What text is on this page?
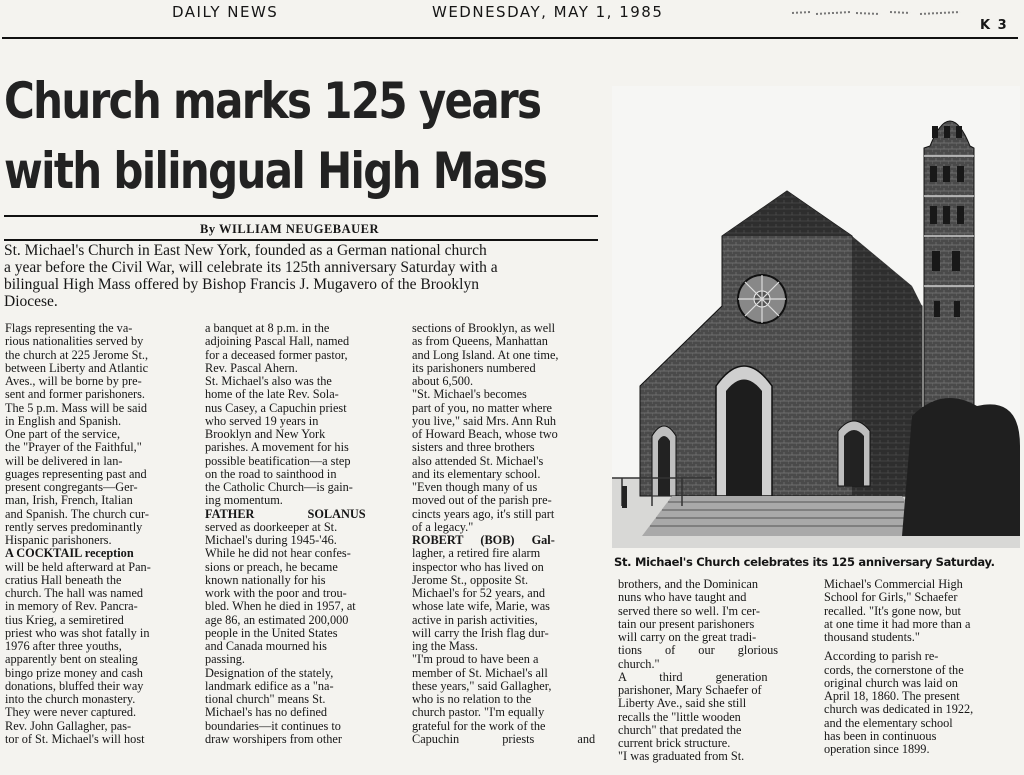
DAILY NEWS	WEDNESDAY, MAY 1, 1985
K 3
Church marks 125 years
with bilingual High Mass
By WILLIAM NEUGEBAUER
St. Michael's Church in East New York, founded as a German national church
a year before the Civil War, will celebrate its 125th anniversary Saturday with a
bilingual High Mass offered by Bishop Francis J. Mugavero of the Brooklyn
Diocese.
Flags representing the va-
rious nationalities served by
the church at 225 Jerome St.,
between Liberty and Atlantic
Aves., will be borne by pre-
sent and former parishoners.
The 5 p.m. Mass will be said
in English and Spanish.
One part of the service,
the "Prayer of the Faithful,"
will be delivered in lan-
guages representing past and
present congregants—Ger-
man, Irish, French, Italian
and Spanish. The church cur-
rently serves predominantly
Hispanic parishoners.
A COCKTAIL reception
will be held afterward at Pan-
cratius Hall beneath the
church. The hall was named
in memory of Rev. Pancra-
tius Krieg, a semiretired
priest who was shot fatally in
1976 after three youths,
apparently bent on stealing
bingo prize money and cash
donations, bluffed their way
into the church monastery.
They were never captured.
Rev. John Gallagher, pas-
tor of St. Michael's will host
a banquet at 8 p.m. in the
adjoining Pascal Hall, named
for a deceased former pastor,
Rev. Pascal Ahern.
St. Michael's also was the
home of the late Rev. Sola-
nus Casey, a Capuchin priest
who served 19 years in
Brooklyn and New York
parishes. A movement for his
possible beatification—a step
on the road to sainthood in
the Catholic Church—is gain-
ing momentum.
FATHER SOLANUS
served as doorkeeper at St.
Michael's during 1945-'46.
While he did not hear confes-
sions or preach, he became
known nationally for his
work with the poor and trou-
bled. When he died in 1957, at
age 86, an estimated 200,000
people in the United States
and Canada mourned his
passing.
Designation of the stately,
landmark edifice as a "na-
tional church" means St.
Michael's has no defined
boundaries—it continues to
draw worshipers from other
sections of Brooklyn, as well
as from Queens, Manhattan
and Long Island. At one time,
its parishoners numbered
about 6,500.
"St. Michael's becomes
part of you, no matter where
you live," said Mrs. Ann Ruh
of Howard Beach, whose two
sisters and three brothers
also attended St. Michael's
and its elementary school.
"Even though many of us
moved out of the parish pre-
cincts years ago, it's still part
of a legacy."
ROBERT (BOB) Gal-
lagher, a retired fire alarm
inspector who has lived on
Jerome St., opposite St.
Michael's for 52 years, and
whose late wife, Marie, was
active in parish activities,
will carry the Irish flag dur-
ing the Mass.
"I'm proud to have been a
member of St. Michael's all
these years," said Gallagher,
who is no relation to the
church pastor. "I'm equally
grateful for the work of the
Capuchin priests and
St. Michael's Church celebrates its 125 anniversary Saturday.
brothers, and the Dominican
nuns who have taught and
served there so well. I'm cer-
tain our present parishoners
will carry on the great tradi-
tions of our glorious
church."
A third generation
parishoner, Mary Schaefer of
Liberty Ave., said she still
recalls the "little wooden
church" that predated the
current brick structure.
"I was graduated from St.
Michael's Commercial High
School for Girls," Schaefer
recalled. "It's gone now, but
at one time it had more than a
thousand students."
According to parish re-
cords, the cornerstone of the
original church was laid on
April 18, 1860. The present
church was dedicated in 1922,
and the elementary school
has been in continuous
operation since 1899.
